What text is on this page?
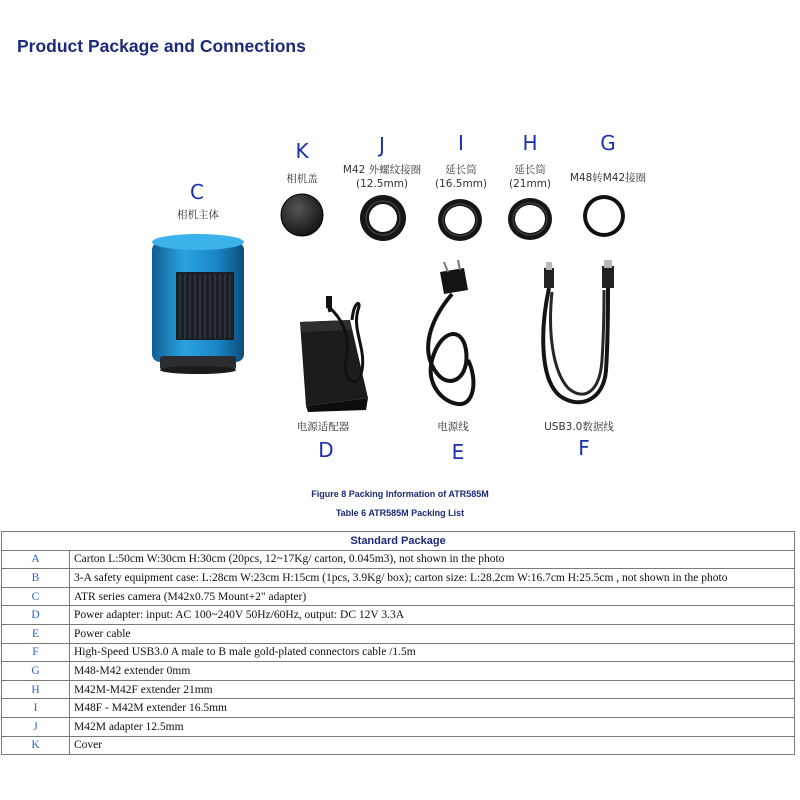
Product Package and Connections
C
相机主体
K
相机盖
J
M42 外螺纹接圈
(12.5mm)
I
延长筒
(16.5mm)
H
延长筒
(21mm)
G
M48转M42接圈
电源适配器
D
电源线
E
USB3.0数据线
F
Figure 8 Packing Information of ATR585M
Table 6 ATR585M Packing List
Standard Package	
A	Carton L:50cm W:30cm H:30cm (20pcs, 12~17Kg/ carton, 0.045m3), not shown in the photo
B	3-A safety equipment case: L:28cm W:23cm H:15cm (1pcs, 3.9Kg/ box); carton size: L:28.2cm W:16.7cm H:25.5cm , not shown in the photo
C	ATR series camera (M42x0.75 Mount+2" adapter)
D	Power adapter: input: AC 100~240V 50Hz/60Hz, output: DC 12V 3.3A
E	Power cable
F	High-Speed USB3.0 A male to B male gold-plated connectors cable /1.5m
G	M48-M42 extender 0mm
H	M42M-M42F extender 21mm
I	M48F - M42M extender 16.5mm
J	M42M adapter 12.5mm
K	Cover
